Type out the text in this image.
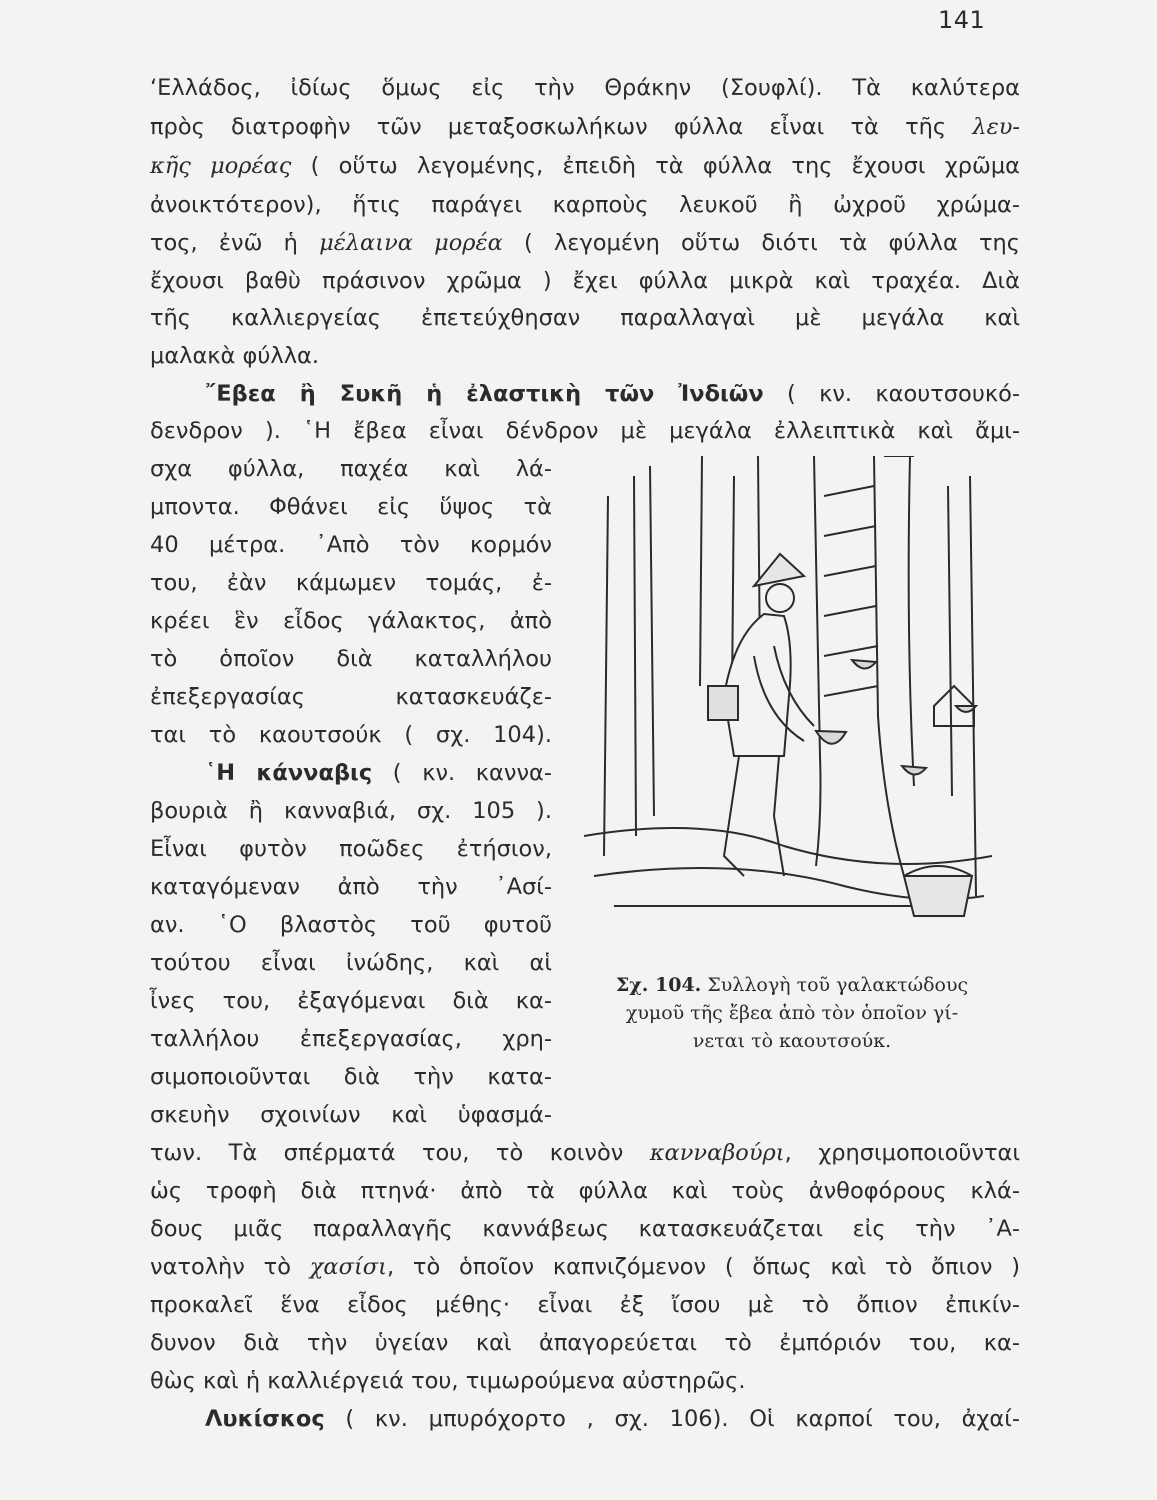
141
‘Ελλάδος, ἰδίως ὅμως εἰς τὴν Θράκην (Σουφλί). Τὰ καλύτερα
πρὸς διατροφὴν τῶν μεταξοσκωλήκων φύλλα εἶναι τὰ τῆς λευ-
κῆς μορέας ( οὕτω λεγομένης, ἐπειδὴ τὰ φύλλα της ἔχουσι χρῶμα
ἀνοικτότερον), ἥτις παράγει καρποὺς λευκοῦ ἢ ὠχροῦ χρώμα-
τος, ἐνῶ ἡ μέλαινα μορέα ( λεγομένη οὕτω διότι τὰ φύλλα της
ἔχουσι βαθὺ πράσινον χρῶμα ) ἔχει φύλλα μικρὰ καὶ τραχέα. Διὰ
τῆς καλλιεργείας ἐπετεύχθησαν παραλλαγαὶ μὲ μεγάλα καὶ
μαλακὰ φύλλα.
῎Εβεα ἢ Συκῆ ἡ ἐλαστικὴ τῶν Ἰνδιῶν ( κν. καουτσουκό-
δενδρον ). ῾Η ἔβεα εἶναι δένδρον μὲ μεγάλα ἐλλειπτικὰ καὶ ἄμι-
σχα φύλλα, παχέα καὶ λά-
μποντα. Φθάνει εἰς ὕψος τὰ
40 μέτρα. ᾿Απὸ τὸν κορμόν
του, ἐὰν κάμωμεν τομάς, ἐ-
κρέει ἓν εἶδος γάλακτος, ἀπὸ
τὸ ὁποῖον διὰ καταλλήλου
ἐπεξεργασίας κατασκευάζε-
ται τὸ καουτσούκ ( σχ. 104).
῾Η κάνναβις ( κν. καννα-
βουριὰ ἢ κανναβιά, σχ. 105 ).
Εἶναι φυτὸν ποῶδες ἐτήσιον,
καταγόμεναν ἀπὸ τὴν ᾿Ασί-
αν. ῾Ο βλαστὸς τοῦ φυτοῦ
τούτου εἶναι ἰνώδης, καὶ αἱ
ἶνες του, ἐξαγόμεναι διὰ κα-
ταλλήλου ἐπεξεργασίας, χρη-
σιμοποιοῦνται διὰ τὴν κατα-
σκευὴν σχοινίων καὶ ὑφασμά-
των. Τὰ σπέρματά του, τὸ κοινὸν κανναβούρι, χρησιμοποιοῦνται
ὡς τροφὴ διὰ πτηνά· ἀπὸ τὰ φύλλα καὶ τοὺς ἀνθοφόρους κλά-
δους μιᾶς παραλλαγῆς καννάβεως κατασκευάζεται εἰς τὴν ᾿Α-
νατολὴν τὸ χασίσι, τὸ ὁποῖον καπνιζόμενον ( ὅπως καὶ τὸ ὄπιον )
προκαλεῖ ἕνα εἶδος μέθης· εἶναι ἐξ ἴσου μὲ τὸ ὄπιον ἐπικίν-
δυνον διὰ τὴν ὑγείαν καὶ ἀπαγορεύεται τὸ ἐμπόριόν του, κα-
θὼς καὶ ἡ καλλιέργειά του, τιμωρούμενα αὐστηρῶς.
Λυκίσκος ( κν. μπυρόχορτο , σχ. 106). Οἱ καρποί του, ἀχαί-
Σχ. 104. Συλλογὴ τοῦ γαλακτώδους
χυμοῦ τῆς ἔβεα ἀπὸ τὸν ὁποῖον γί-
νεται τὸ καουτσούκ.
